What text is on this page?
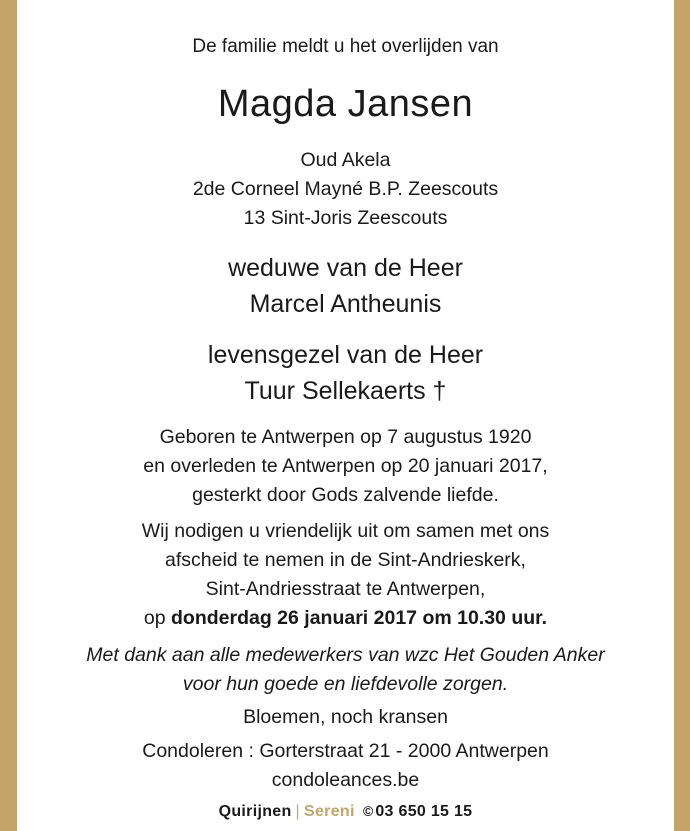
De familie meldt u het overlijden van
Magda Jansen
Oud Akela
2de Corneel Mayné B.P. Zeescouts
13 Sint-Joris Zeescouts
weduwe van de Heer
Marcel Antheunis
levensgezel van de Heer
Tuur Sellekaerts †
Geboren te Antwerpen op 7 augustus 1920
en overleden te Antwerpen op 20 januari 2017,
gesterkt door Gods zalvende liefde.
Wij nodigen u vriendelijk uit om samen met ons
afscheid te nemen in de Sint-Andrieskerk,
Sint-Andriesstraat te Antwerpen,
op donderdag 26 januari 2017 om 10.30 uur.
Met dank aan alle medewerkers van wzc Het Gouden Anker
voor hun goede en liefdevolle zorgen.
Bloemen, noch kransen
Condoleren : Gorterstraat 21 - 2000 Antwerpen
condoleances.be
Quirijnen | Sereni © 03 650 15 15
